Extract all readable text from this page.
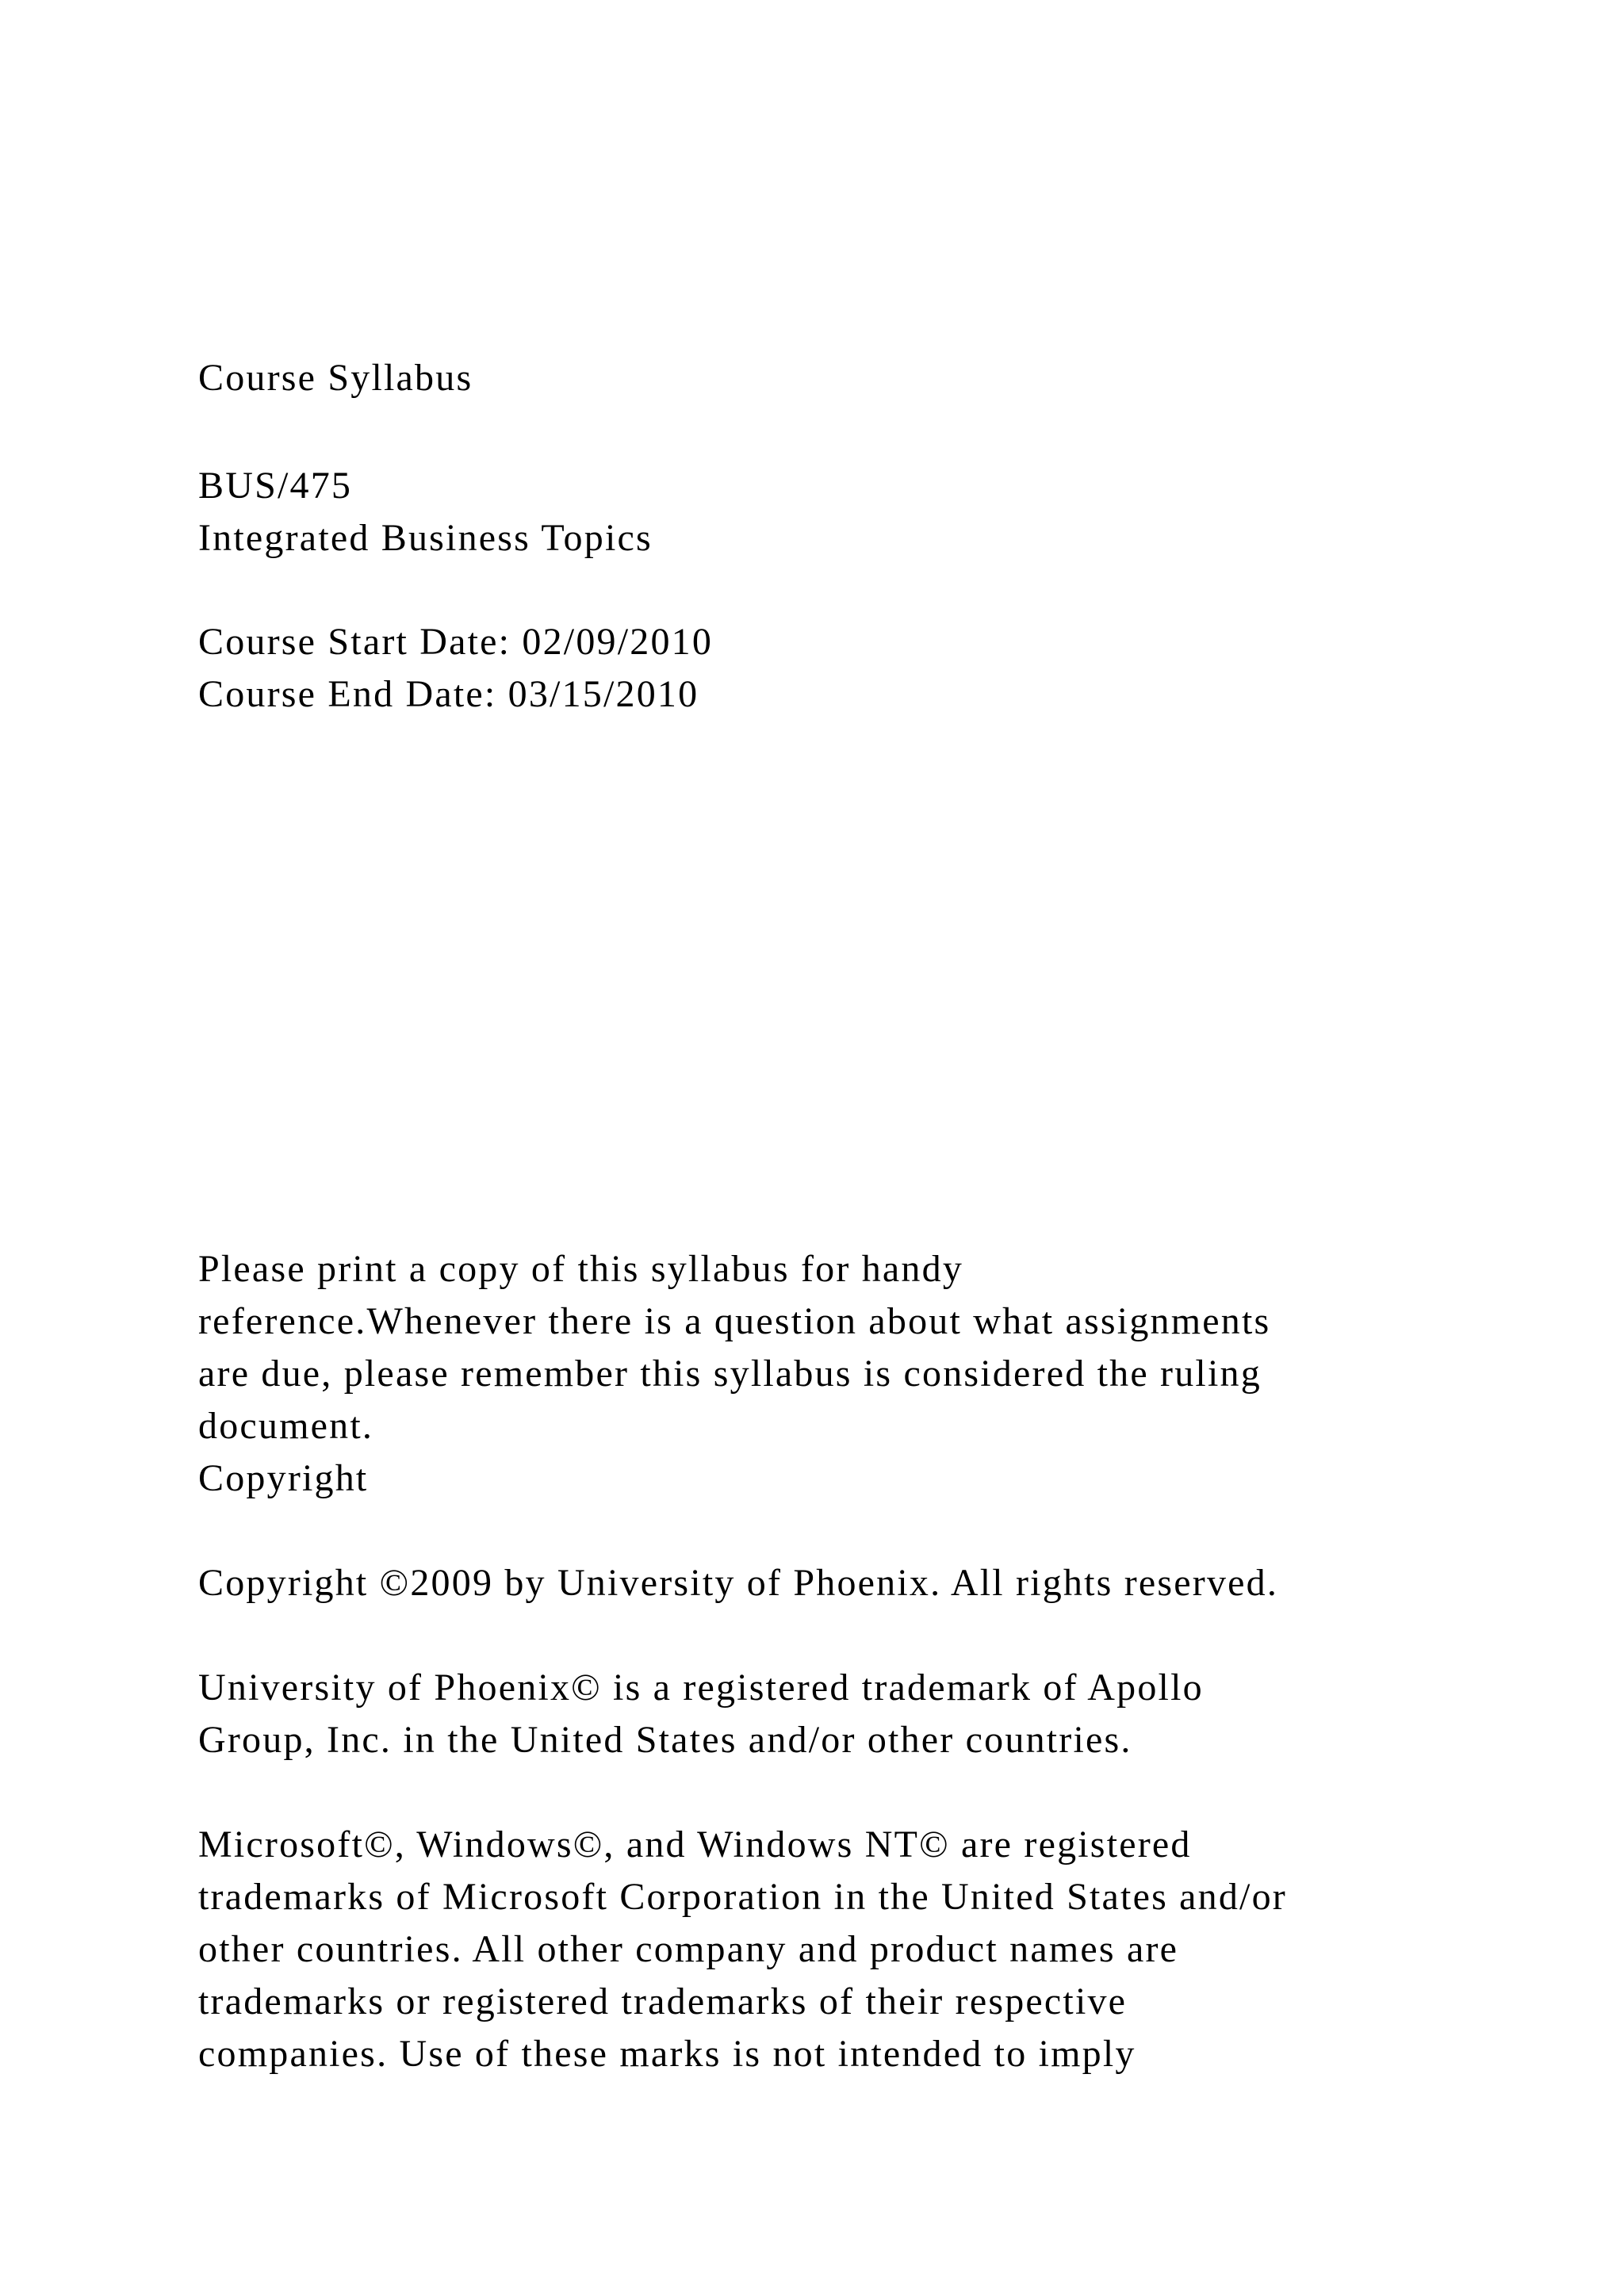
Course Syllabus

BUS/475

Integrated Business Topics

Course Start Date: 02/09/2010

Course End Date: 03/15/2010

Please print a copy of this syllabus for handy

reference.Whenever there is a question about what assignments

are due, please remember this syllabus is considered the ruling

document.

Copyright

Copyright ©2009 by University of Phoenix. All rights reserved.

University of Phoenix© is a registered trademark of Apollo

Group, Inc. in the United States and/or other countries.

Microsoft©, Windows©, and Windows NT© are registered

trademarks of Microsoft Corporation in the United States and/or

other countries. All other company and product names are

trademarks or registered trademarks of their respective

companies. Use of these marks is not intended to imply
